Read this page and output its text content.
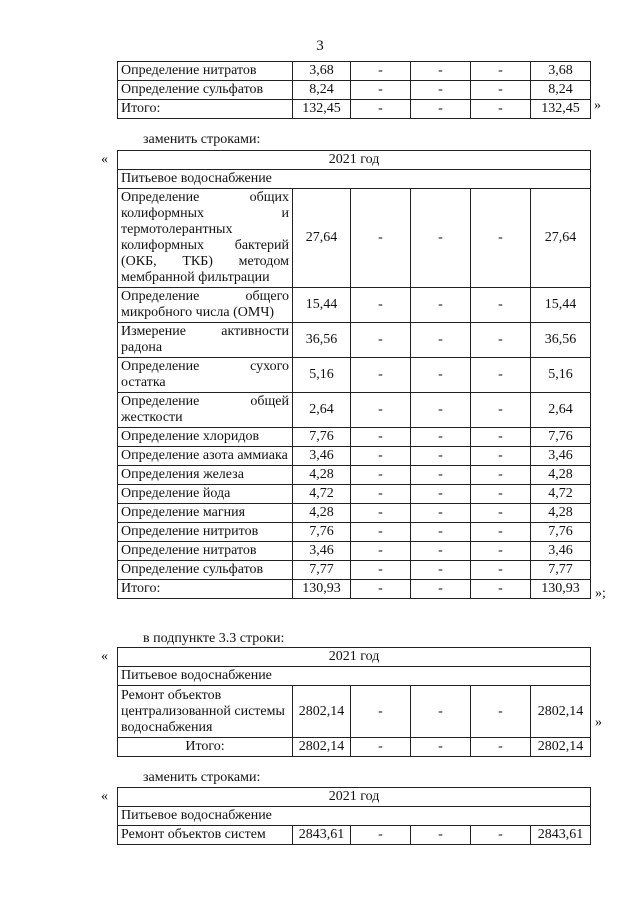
3
Определение нитратов	3,68	-	-	-	3,68
Определение сульфатов	8,24	-	-	-	8,24
Итого:	132,45	-	-	-	132,45 »
заменить строками:
«	2021 год					
Питьевое водоснабжение					
Определение общих колиформных и термотолерантных колиформных бактерий (ОКБ, ТКБ) методом мембранной фильтрации	27,64	-	-	-	27,64
Определение общего микробного числа (ОМЧ)	15,44	-	-	-	15,44
Измерение активности радона	36,56	-	-	-	36,56
Определение сухого остатка	5,16	-	-	-	5,16
Определение общей жесткости	2,64	-	-	-	2,64
Определение хлоридов	7,76	-	-	-	7,76
Определение азота аммиака	3,46	-	-	-	3,46
Определения железа	4,28	-	-	-	4,28
Определение йода	4,72	-	-	-	4,72
Определение магния	4,28	-	-	-	4,28
Определение нитритов	7,76	-	-	-	7,76
Определение нитратов	3,46	-	-	-	3,46
Определение сульфатов	7,77	-	-	-	7,77
Итого:	130,93	-	-	-	130,93 »;
в подпункте 3.3 строки:
«	2021 год					
Питьевое водоснабжение					
Ремонт объектов централизованной системы водоснабжения	2802,14	-	-	-	2802,14
Итого:	2802,14	-	-	-	2802,14
»
заменить строками:
«	2021 год
Питьевое водоснабжение
Ремонт объектов систем	2843,61	-	-	-	2843,61
